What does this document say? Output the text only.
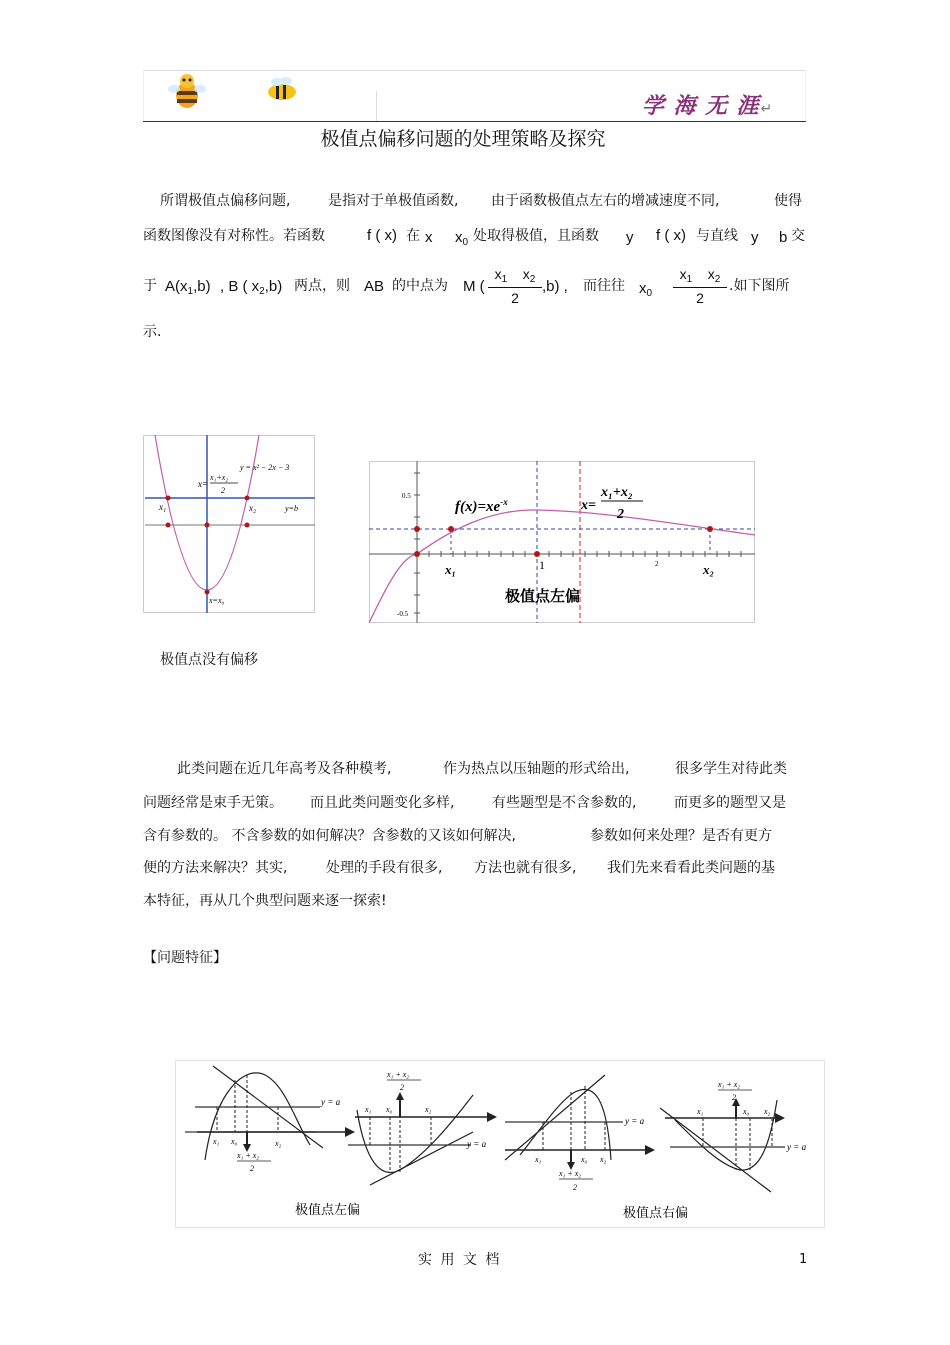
学 海 无 涯↵
极值点偏移问题的处理策略及探究
所谓极值点偏移问题,	是指对于单极值函数, 由于函数极值点左右的增减速度不同,	使得
函数图像没有对称性。若函数	f ( x) 在 x $x_0$ 处取得极值，且函数 y f ( x) 与直线 y b 交
于 $A(x_1,b)$ , B ( $x_2,b$) 两点，则 AB 的中点为 M (
$x_1$ $x_2$
2
,b) , 而往往 $x_0$
$x_1$ $x_2$
2
.如下图所
示.
y = x² − 2x − 3
x=
x₁+x₂
2
x₁	x₂	y=b
x=x₀
极值点没有偏移
$f(x)=xe^{-x}$	x=
x₁+x₂
2
0.5
-0.5
1	2
x₁	x₂
极值点左偏
此类问题在近几年高考及各种模考,	作为热点以压轴题的形式给出,	很多学生对待此类
问题经常是束手无策。 而且此类问题变化多样,	有些题型是不含参数的,	而更多的题型又是
含有参数的。 不含参数的如何解决？含参数的又该如何解决,	参数如何来处理？是否有更方
便的方法来解决？其实,	处理的手段有很多, 方法也就有很多, 我们先来看看此类问题的基
本特征，再从几个典型问题来逐一探索!
【问题特征】
y = a
x₁ x₀	x₂
x₁ + x₂
2
y = a
x₁ x₀	x₂
x₁ + x₂
2
y = a
x₁	x₀ x₂
x₁ + x₂
2
y = a
x₁	x₀ x₂
x₁ + x₂
2
极值点左偏	极值点右偏
实 用 文 档	1
